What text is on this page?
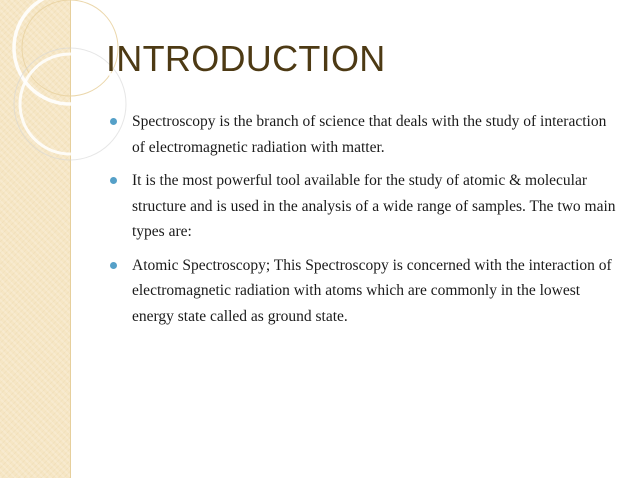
INTRODUCTION
Spectroscopy is the branch of science that deals with the study of interaction of electromagnetic radiation with matter.
It is the most powerful tool available for the study of atomic & molecular structure and is used in the analysis of a wide range of samples. The two main types are:
Atomic Spectroscopy; This Spectroscopy is concerned with the interaction of electromagnetic radiation with atoms which are commonly in the lowest energy state called as ground state.
